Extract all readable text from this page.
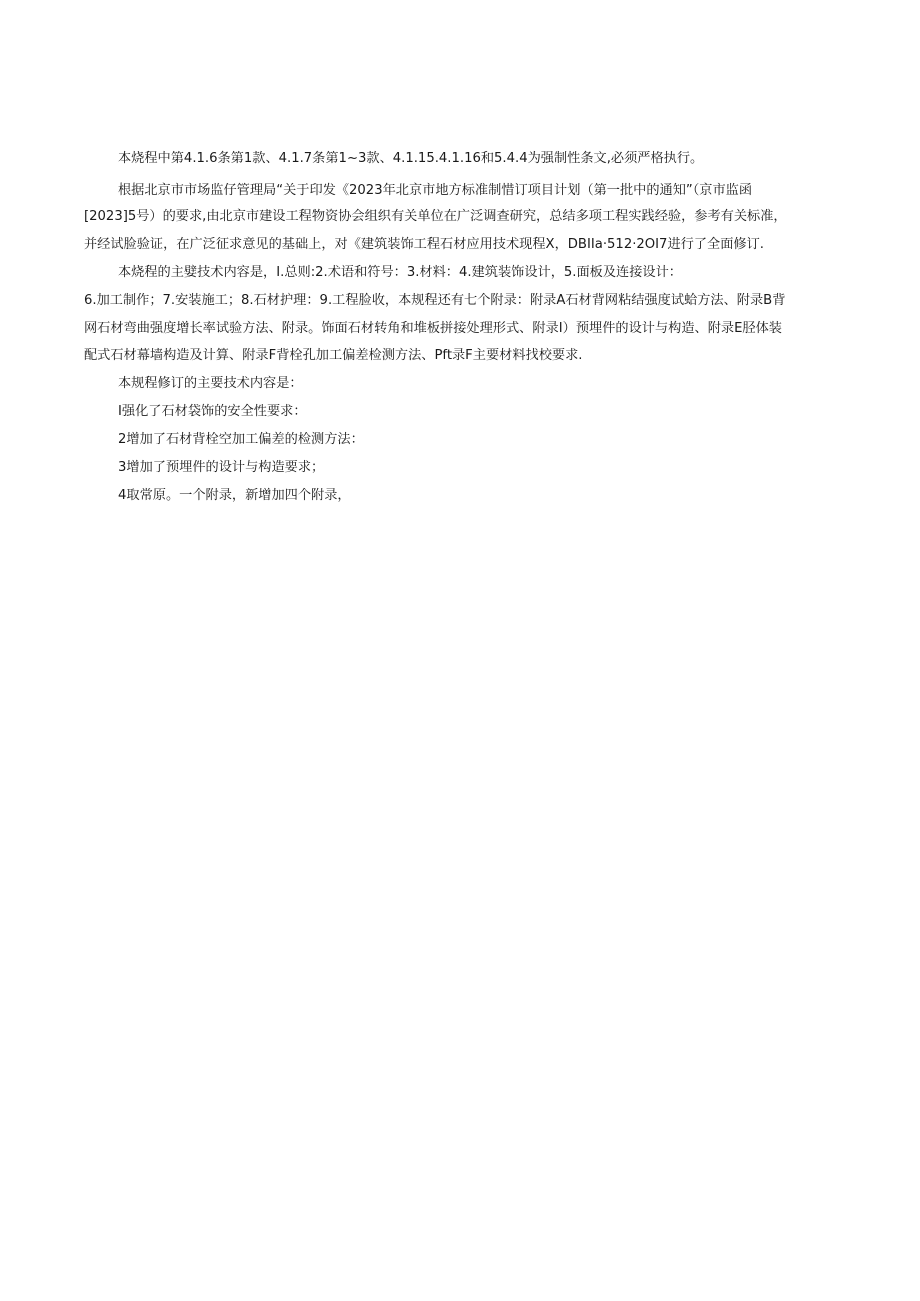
本烧程中第4.1.6条第1款、4.1.7条第1~3款、4.1.15.4.1.16和5.4.4为强制性条文,必须严格执行。
根据北京市市场监仔管理局“关于印发《2023年北京市地方标准制惜订项目计划（第一批中的通知”（京市监函
[2023]5号）的要求,由北京市建设工程物资协会组织有关单位在广泛调查研究，总结多项工程实践经验，参考有关标准，
并经试脸验证，在广泛征求意见的基础上，对《建筑装饰工程石材应用技术现程X，DBIIa·512·2OI7进行了全面修订.
本烧程的主嬖技术内容是，I.总则:2.术语和符号：3.材料：4.建筑装饰设计，5.面板及连接设计：
6.加工制作；7.安装施工；8.石材护理：9.工程脸收，本规程还有七个附录：附录A石材背网粘结强度试蛤方法、附录B背
网石材弯曲强度增长率试验方法、附录。饰面石材转角和堆板拼接处理形式、附录I）预埋件的设计与构造、附录E胫体装
配式石材幕墙构造及计算、附录F背栓孔加工偏差检测方法、Pft录F主要材料找校要求.
本规程修订的主要技术内容是：
I强化了石材袋饰的安全性要求：
2增加了石材背栓空加工偏差的检测方法：
3增加了预埋件的设计与构造要求；
4取常原。一个附录，新增加四个附录，
